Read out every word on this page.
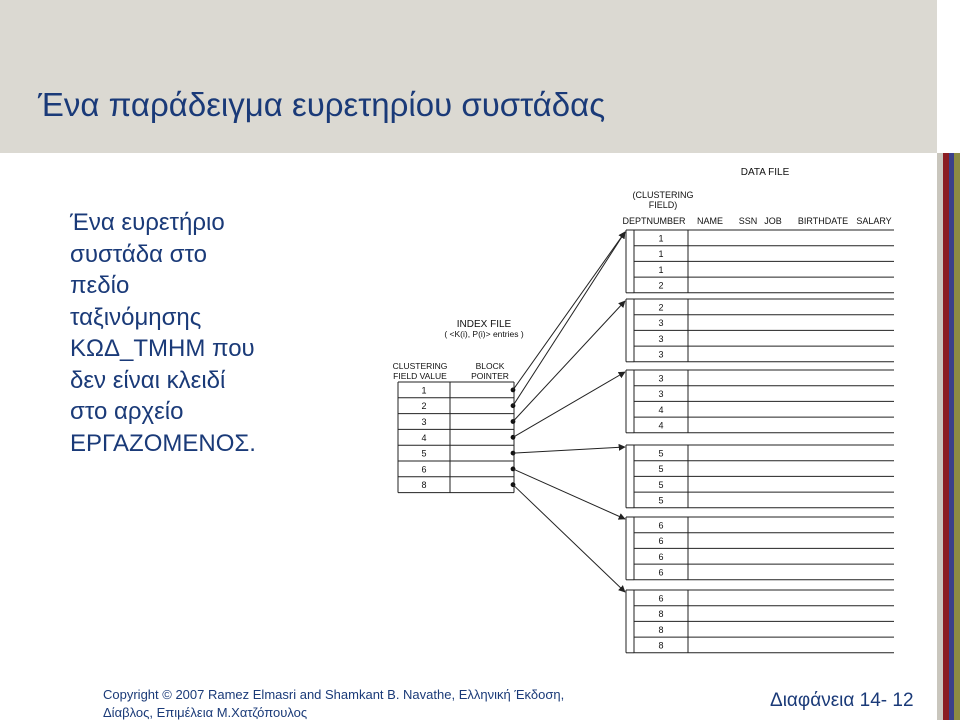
Ένα παράδειγμα ευρετηρίου συστάδας
Ένα ευρετήριο
συστάδα στο
πεδίο
ταξινόμησης
ΚΩΔ_ΤΜΗΜ που
δεν είναι κλειδί
στο αρχείο
ΕΡΓΑΖΟΜΕΝΟΣ.
INDEX FILE
( <K(i), P(i)> entries )
CLUSTERING
FIELD VALUE
BLOCK
POINTER
1
2
3
4
5
6
8
DATA FILE
(CLUSTERING
FIELD)
DEPTNUMBER NAME SSN JOB BIRTHDATE SALARY
1
1
1
2
2
3
3
3
3
3
4
4
5
5
5
5
6
6
6
6
6
8
8
8
Copyright © 2007 Ramez Elmasri and Shamkant B. Navathe, Ελληνική Έκδοση,
Δίαβλος, Επιμέλεια Μ.Χατζόπουλος
Διαφάνεια 14- 12
